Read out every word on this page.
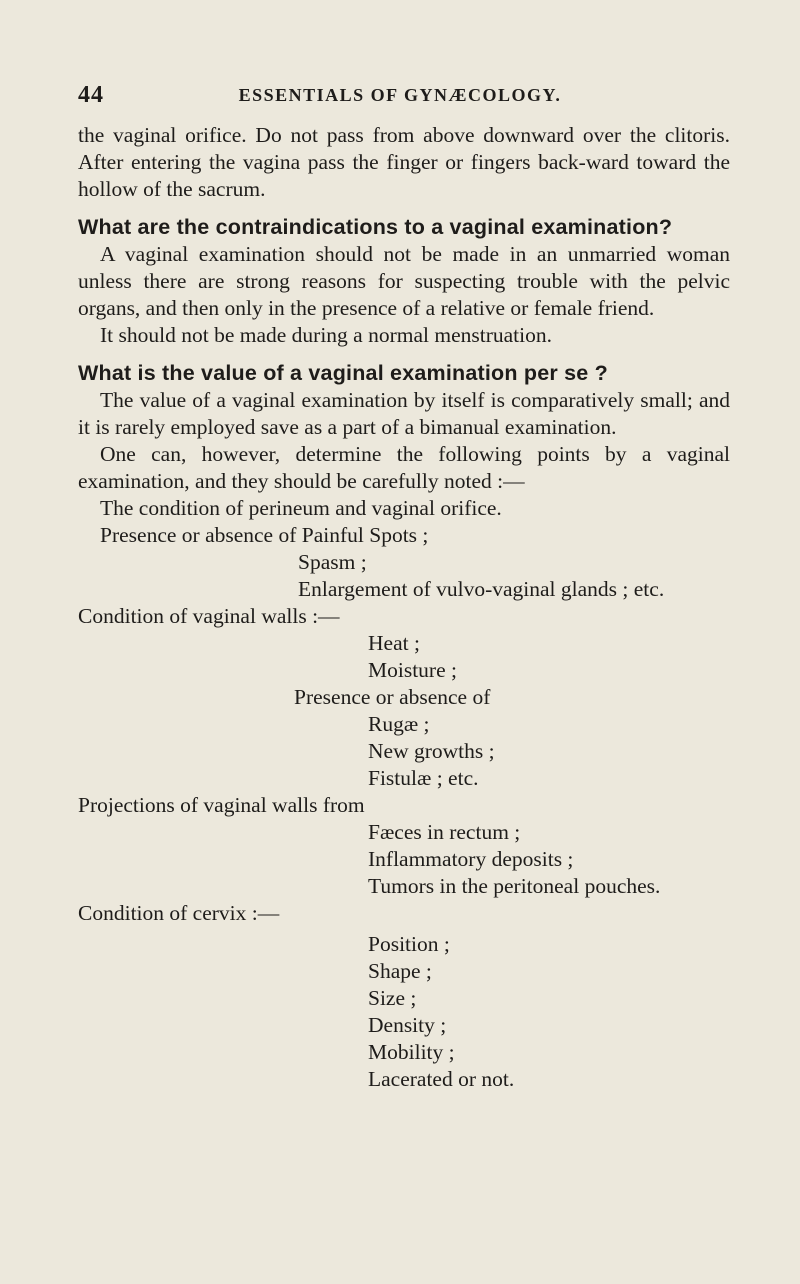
44	ESSENTIALS OF GYNÆCOLOGY.

the vaginal orifice. Do not pass from above downward over the clitoris. After entering the vagina pass the finger or fingers back-ward toward the hollow of the sacrum.

What are the contraindications to a vaginal examination?

A vaginal examination should not be made in an unmarried woman unless there are strong reasons for suspecting trouble with the pelvic organs, and then only in the presence of a relative or female friend.

It should not be made during a normal menstruation.

What is the value of a vaginal examination per se ?

The value of a vaginal examination by itself is comparatively small; and it is rarely employed save as a part of a bimanual examination.

One can, however, determine the following points by a vaginal examination, and they should be carefully noted :—

The condition of perineum and vaginal orifice.
Presence or absence of Painful Spots ;
Spasm ;
Enlargement of vulvo-vaginal glands ; etc.
Condition of vaginal walls :—
Heat ;
Moisture ;
Presence or absence of
Rugæ ;
New growths ;
Fistulæ ; etc.
Projections of vaginal walls from
Fæces in rectum ;
Inflammatory deposits ;
Tumors in the peritoneal pouches.
Condition of cervix :—
Position ;
Shape ;
Size ;
Density ;
Mobility ;
Lacerated or not.
